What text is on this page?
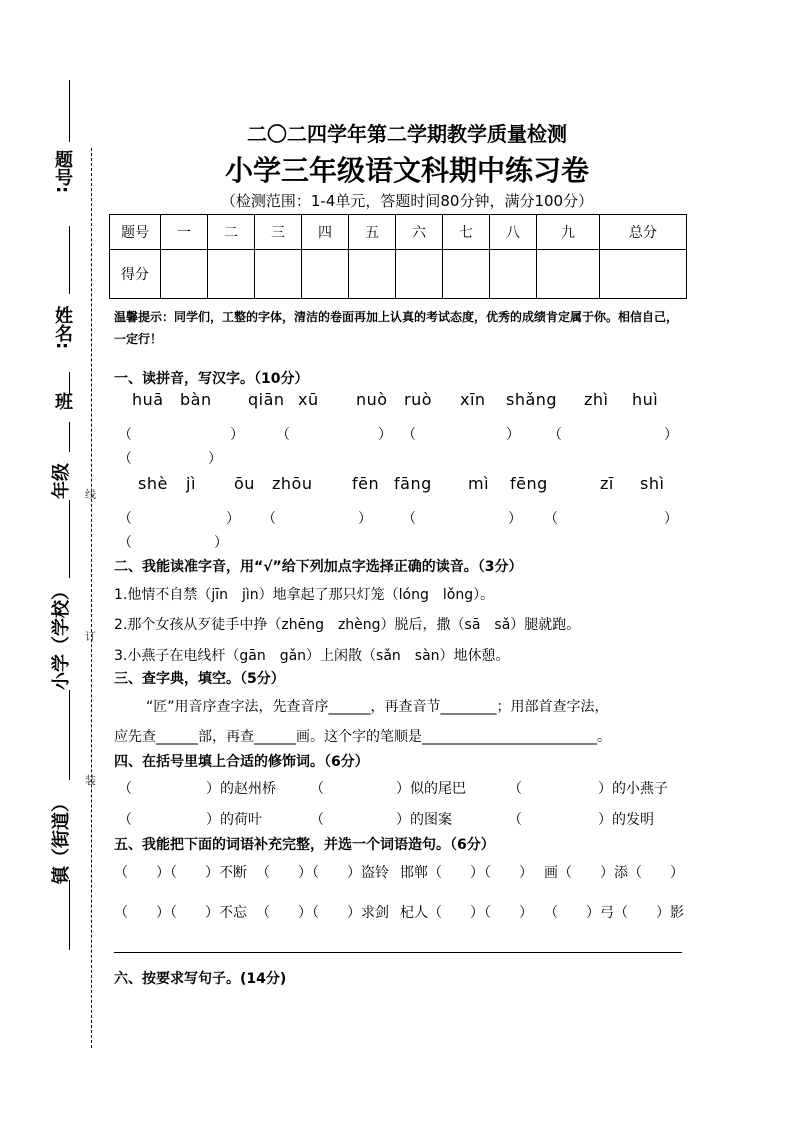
题号:
姓名:
班
年级
小学（学校）
镇（街道）
线
订
装
二〇二四学年第二学期教学质量检测
小学三年级语文科期中练习卷
（检测范围：1-4单元，答题时间80分钟，满分100分）
题号	一	二	三	四	五	六	七	八	九	总分
得分										
温馨提示：同学们，工整的字体，清洁的卷面再加上认真的考试态度，优秀的成绩肯定属于你。相信自己，一定行！
一、读拼音，写汉字。（10分）
huā bàn qiān xū nuò ruò xīn shǎng zhì huì
（	） （	） （	） （	）
（	）
shè jì ōu zhōu fēn fāng mì fēng	zī shì
（	） （	） （	） （	）
（	）
二、我能读准字音，用“√”给下列加点字选择正确的读音。（3分）
1.他情不自禁（jīn　jìn）地拿起了那只灯笼（lóng　lǒng）。
2.那个女孩从歹徒手中挣（zhēng　zhèng）脱后，撒（sā　sǎ）腿就跑。
3.小燕子在电线杆（gān　gǎn）上闲散（sǎn　sàn）地休憩。
三、查字典，填空。（5分）
“匠”用音序查字法，先查音序______，再查音节________；用部首查字法，
应先查______部，再查______画。这个字的笔顺是_________________________。
四、在括号里填上合适的修饰词。（6分）
（	）的赵州桥 （	）似的尾巴	（	）的小燕子
（	）的荷叶	（	）的图案	（	）的发明
五、我能把下面的词语补充完整，并选一个词语造句。（6分）
（　　）（　　）不断 （　　）（　　）盗铃 邯郸（　　）（　　） 画（　　）添（　　）
（　　）（　　）不忘 （　　）（　　）求剑 杞人（　　）（　　） （　　）弓（　　）影
六、按要求写句子。(14分)
